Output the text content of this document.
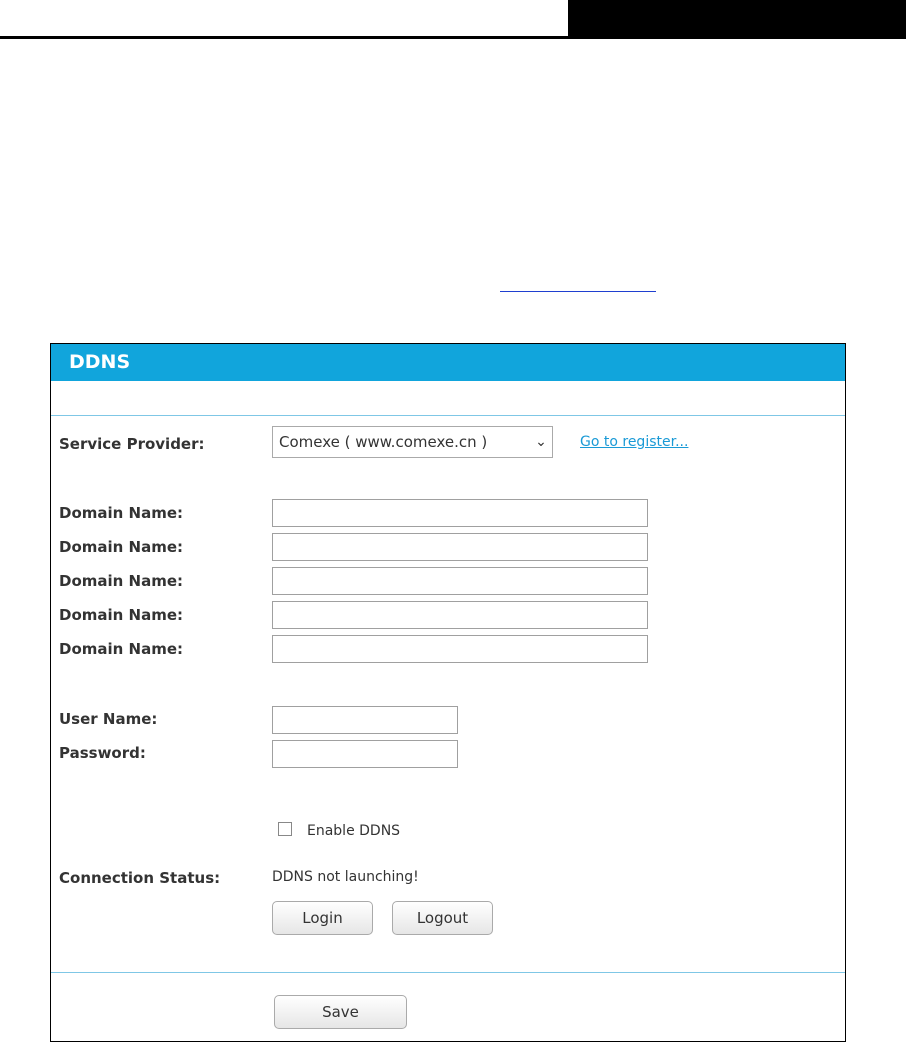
DDNS
Service Provider:	Comexe ( www.comexe.cn )	⌄	Go to register...
Domain Name:
Domain Name:
Domain Name:
Domain Name:
Domain Name:
User Name:
Password:
Enable DDNS
Connection Status:	DDNS not launching!
Login	Logout
Save
